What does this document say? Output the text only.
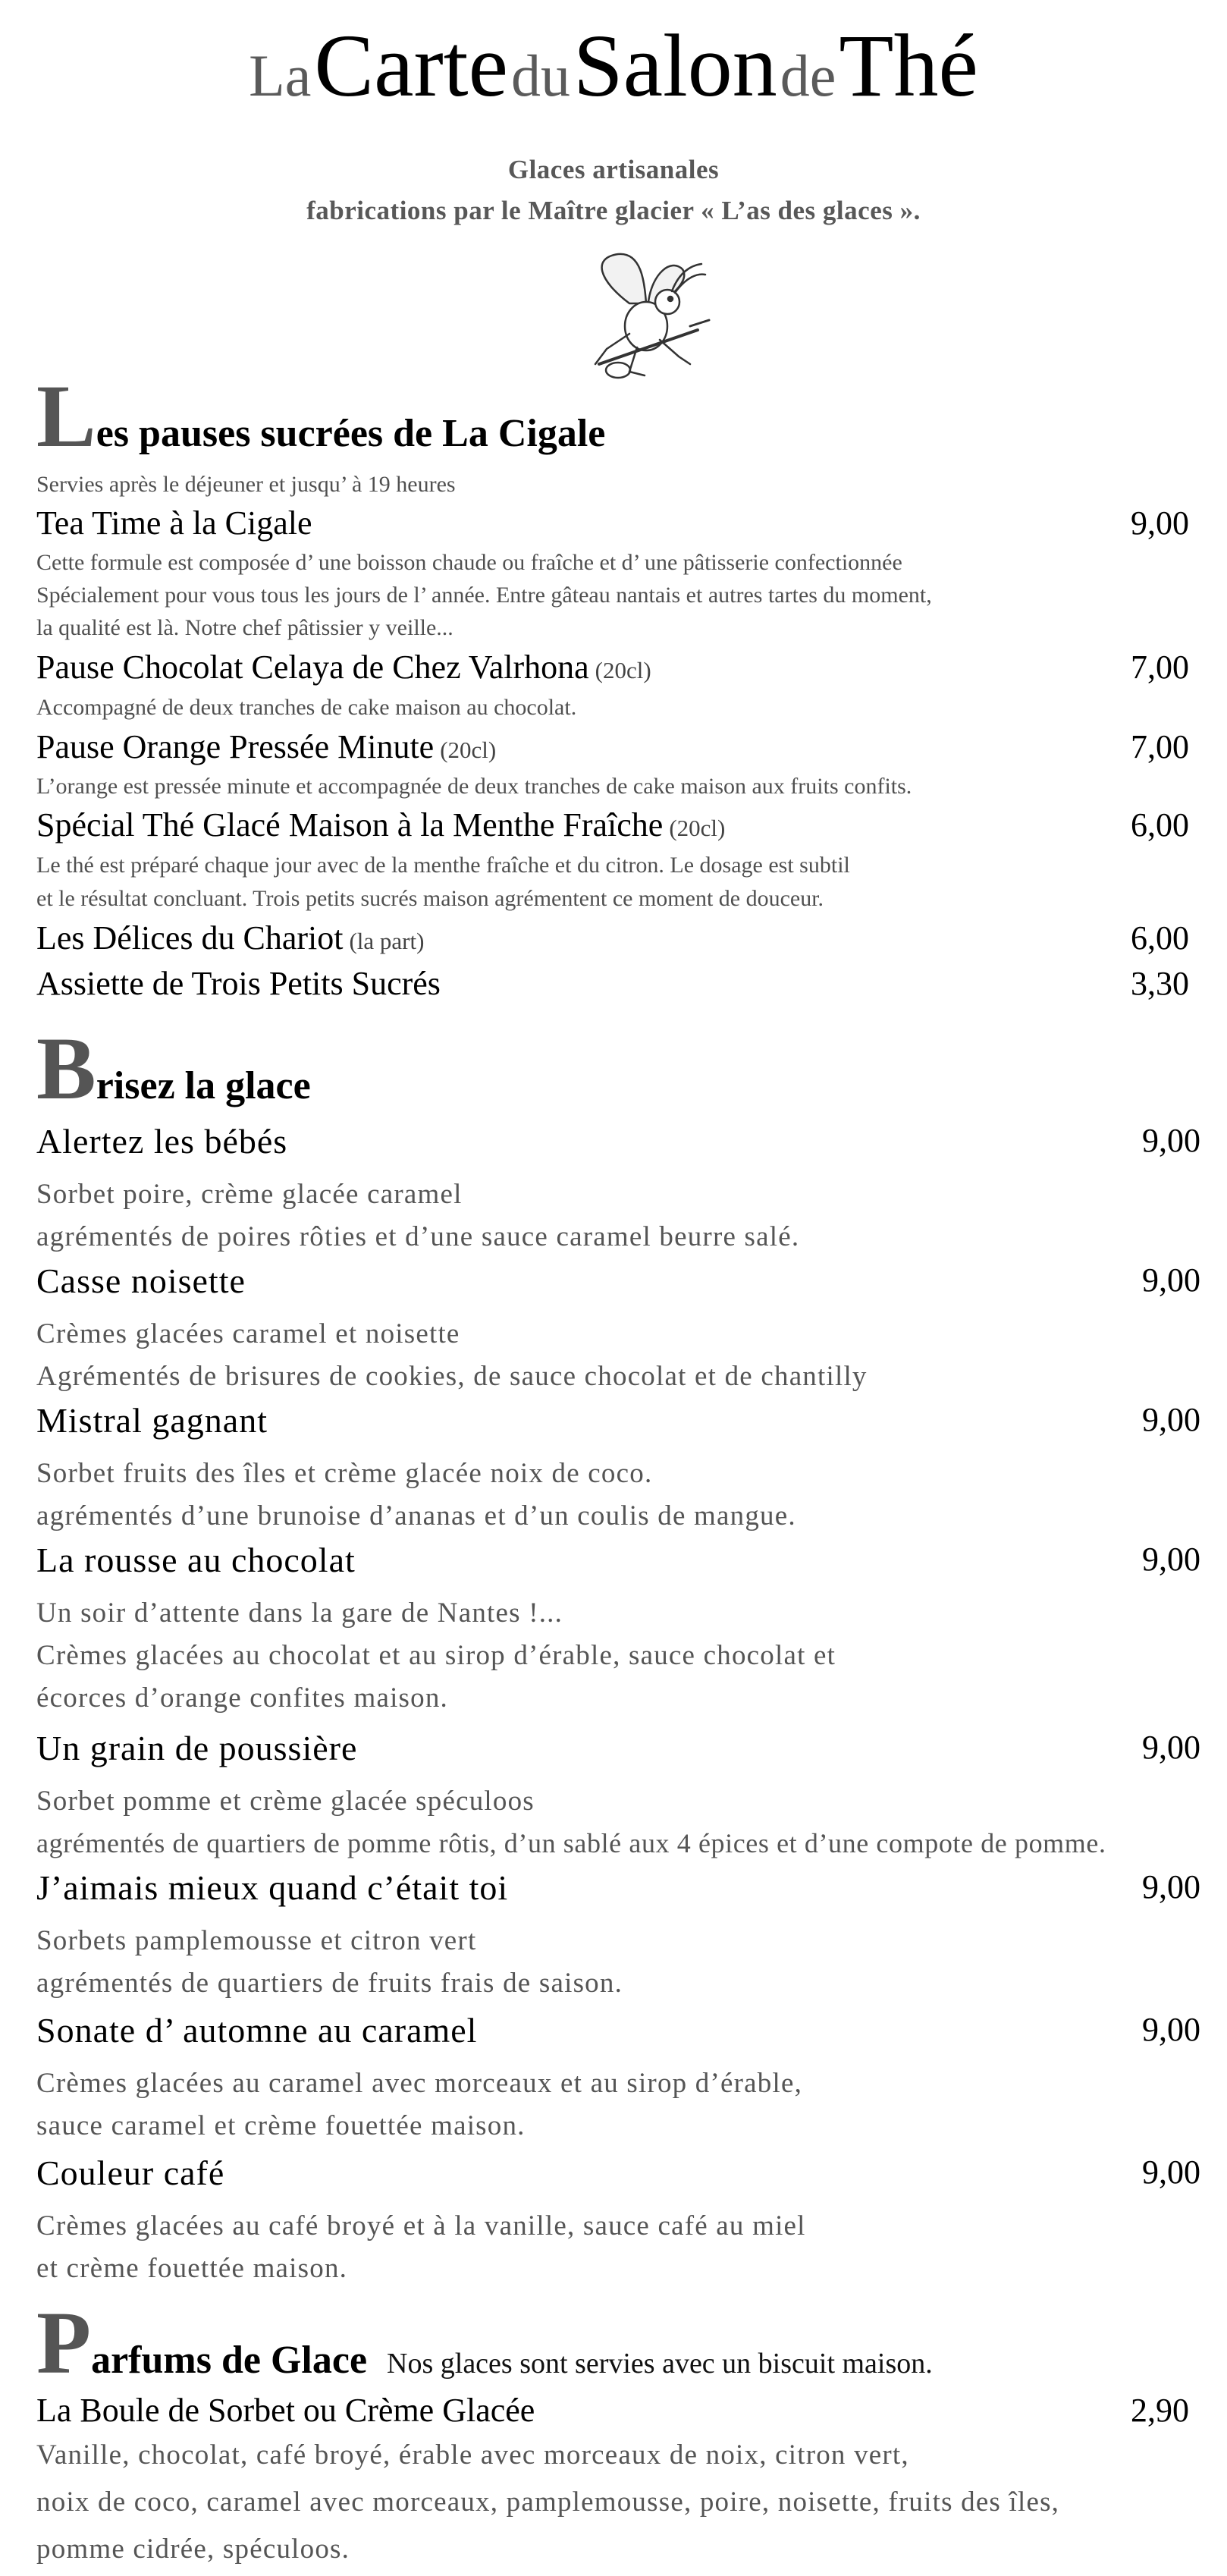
La Carte du Salon de Thé
Glaces artisanales
fabrications par le Maître glacier « L’as des glaces ».
Les pauses sucrées de La Cigale
Servies après le déjeuner et jusqu’ à 19 heures
Tea Time à la Cigale	9,00
Cette formule est composée d’ une boisson chaude ou fraîche et d’ une pâtisserie confectionnée
Spécialement pour vous tous les jours de l’ année. Entre gâteau nantais et autres tartes du moment,
la qualité est là. Notre chef pâtissier y veille...
Pause Chocolat Celaya de Chez Valrhona (20cl)	7,00
Accompagné de deux tranches de cake maison au chocolat.
Pause Orange Pressée Minute (20cl)	7,00
L’orange est pressée minute et accompagnée de deux tranches de cake maison aux fruits confits.
Spécial Thé Glacé Maison à la Menthe Fraîche (20cl)	6,00
Le thé est préparé chaque jour avec de la menthe fraîche et du citron. Le dosage est subtil
et le résultat concluant. Trois petits sucrés maison agrémentent ce moment de douceur.
Les Délices du Chariot (la part)	6,00
Assiette de Trois Petits Sucrés	3,30
Brisez la glace
Alertez les bébés	9,00
Sorbet poire, crème glacée caramel
agrémentés de poires rôties et d’une sauce caramel beurre salé.
Casse noisette	9,00
Crèmes glacées caramel et noisette
Agrémentés de brisures de cookies, de sauce chocolat et de chantilly
Mistral gagnant	9,00
Sorbet fruits des îles et crème glacée noix de coco.
agrémentés d’une brunoise d’ananas et d’un coulis de mangue.
La rousse au chocolat	9,00
Un soir d’attente dans la gare de Nantes !...
Crèmes glacées au chocolat et au sirop d’érable, sauce chocolat et
écorces d’orange confites maison.
Un grain de poussière	9,00
Sorbet pomme et crème glacée spéculoos
agrémentés de quartiers de pomme rôtis, d’un sablé aux 4 épices et d’une compote de pomme.
J’aimais mieux quand c’était toi	9,00
Sorbets pamplemousse et citron vert
agrémentés de quartiers de fruits frais de saison.
Sonate d’ automne au caramel	9,00
Crèmes glacées au caramel avec morceaux et au sirop d’érable,
sauce caramel et crème fouettée maison.
Couleur café	9,00
Crèmes glacées au café broyé et à la vanille, sauce café au miel
et crème fouettée maison.
Parfums de Glace Nos glaces sont servies avec un biscuit maison.
La Boule de Sorbet ou Crème Glacée	2,90
Vanille, chocolat, café broyé, érable avec morceaux de noix, citron vert,
noix de coco, caramel avec morceaux, pamplemousse, poire, noisette, fruits des îles,
pomme cidrée, spéculoos.
